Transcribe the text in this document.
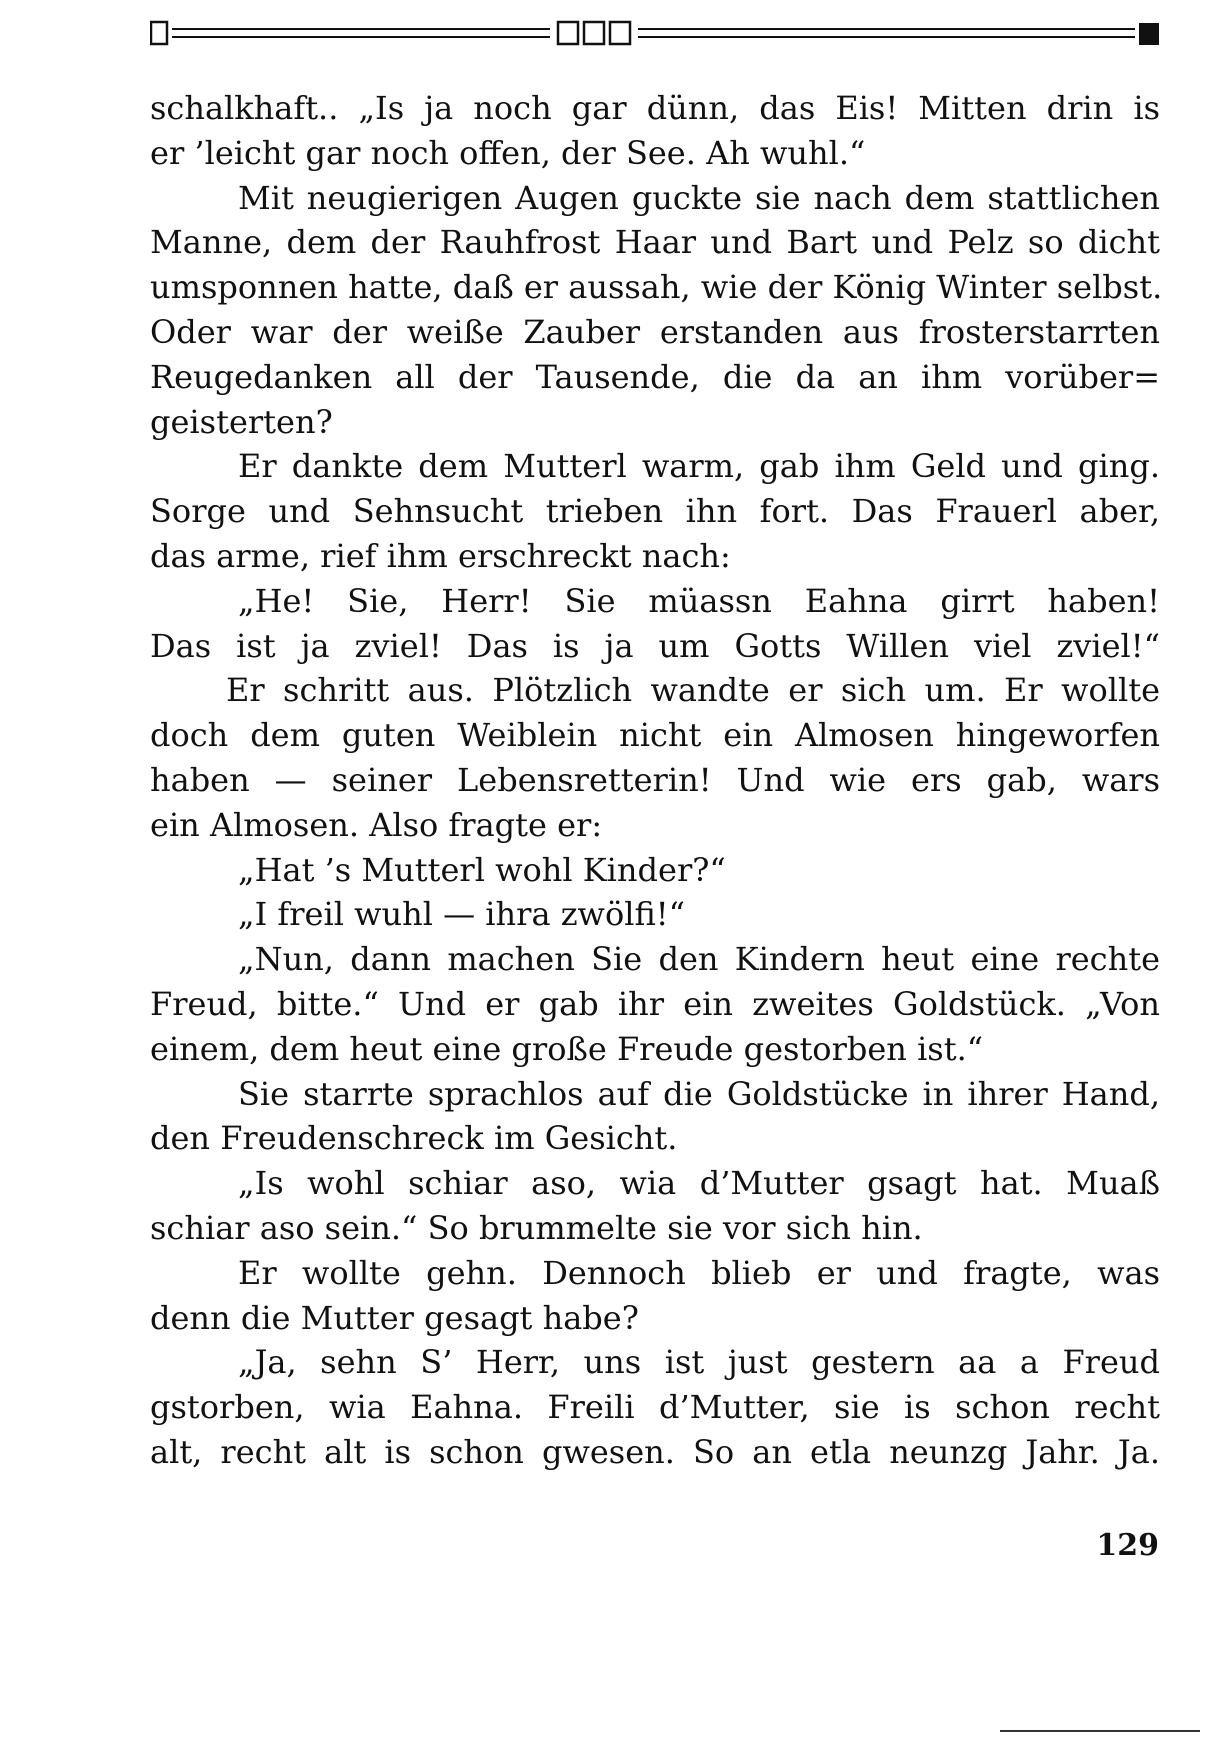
schalkhaft.. „Is ja noch gar dünn, das Eis! Mitten drin is
er ’leicht gar noch offen, der See. Ah wuhl.“
Mit neugierigen Augen guckte sie nach dem stattlichen
Manne, dem der Rauhfrost Haar und Bart und Pelz so dicht
umsponnen hatte, daß er aussah, wie der König Winter selbst.
Oder war der weiße Zauber erstanden aus frosterstarrten
Reugedanken all der Tausende, die da an ihm vorüber=
geisterten?
Er dankte dem Mutterl warm, gab ihm Geld und ging.
Sorge und Sehnsucht trieben ihn fort. Das Frauerl aber,
das arme, rief ihm erschreckt nach:
„He! Sie, Herr! Sie müassn Eahna girrt haben!
Das ist ja zviel! Das is ja um Gotts Willen viel zviel!“
Er schritt aus. Plötzlich wandte er sich um. Er wollte
doch dem guten Weiblein nicht ein Almosen hingeworfen
haben — seiner Lebensretterin! Und wie ers gab, wars
ein Almosen. Also fragte er:
„Hat ’s Mutterl wohl Kinder?“
„I freil wuhl — ihra zwölfi!“
„Nun, dann machen Sie den Kindern heut eine rechte
Freud, bitte.“ Und er gab ihr ein zweites Goldstück. „Von
einem, dem heut eine große Freude gestorben ist.“
Sie starrte sprachlos auf die Goldstücke in ihrer Hand,
den Freudenschreck im Gesicht.
„Is wohl schiar aso, wia d’Mutter gsagt hat. Muaß
schiar aso sein.“ So brummelte sie vor sich hin.
Er wollte gehn. Dennoch blieb er und fragte, was
denn die Mutter gesagt habe?
„Ja, sehn S’ Herr, uns ist just gestern aa a Freud
gstorben, wia Eahna. Freili d’Mutter, sie is schon recht
alt, recht alt is schon gwesen. So an etla neunzg Jahr. Ja.
129
